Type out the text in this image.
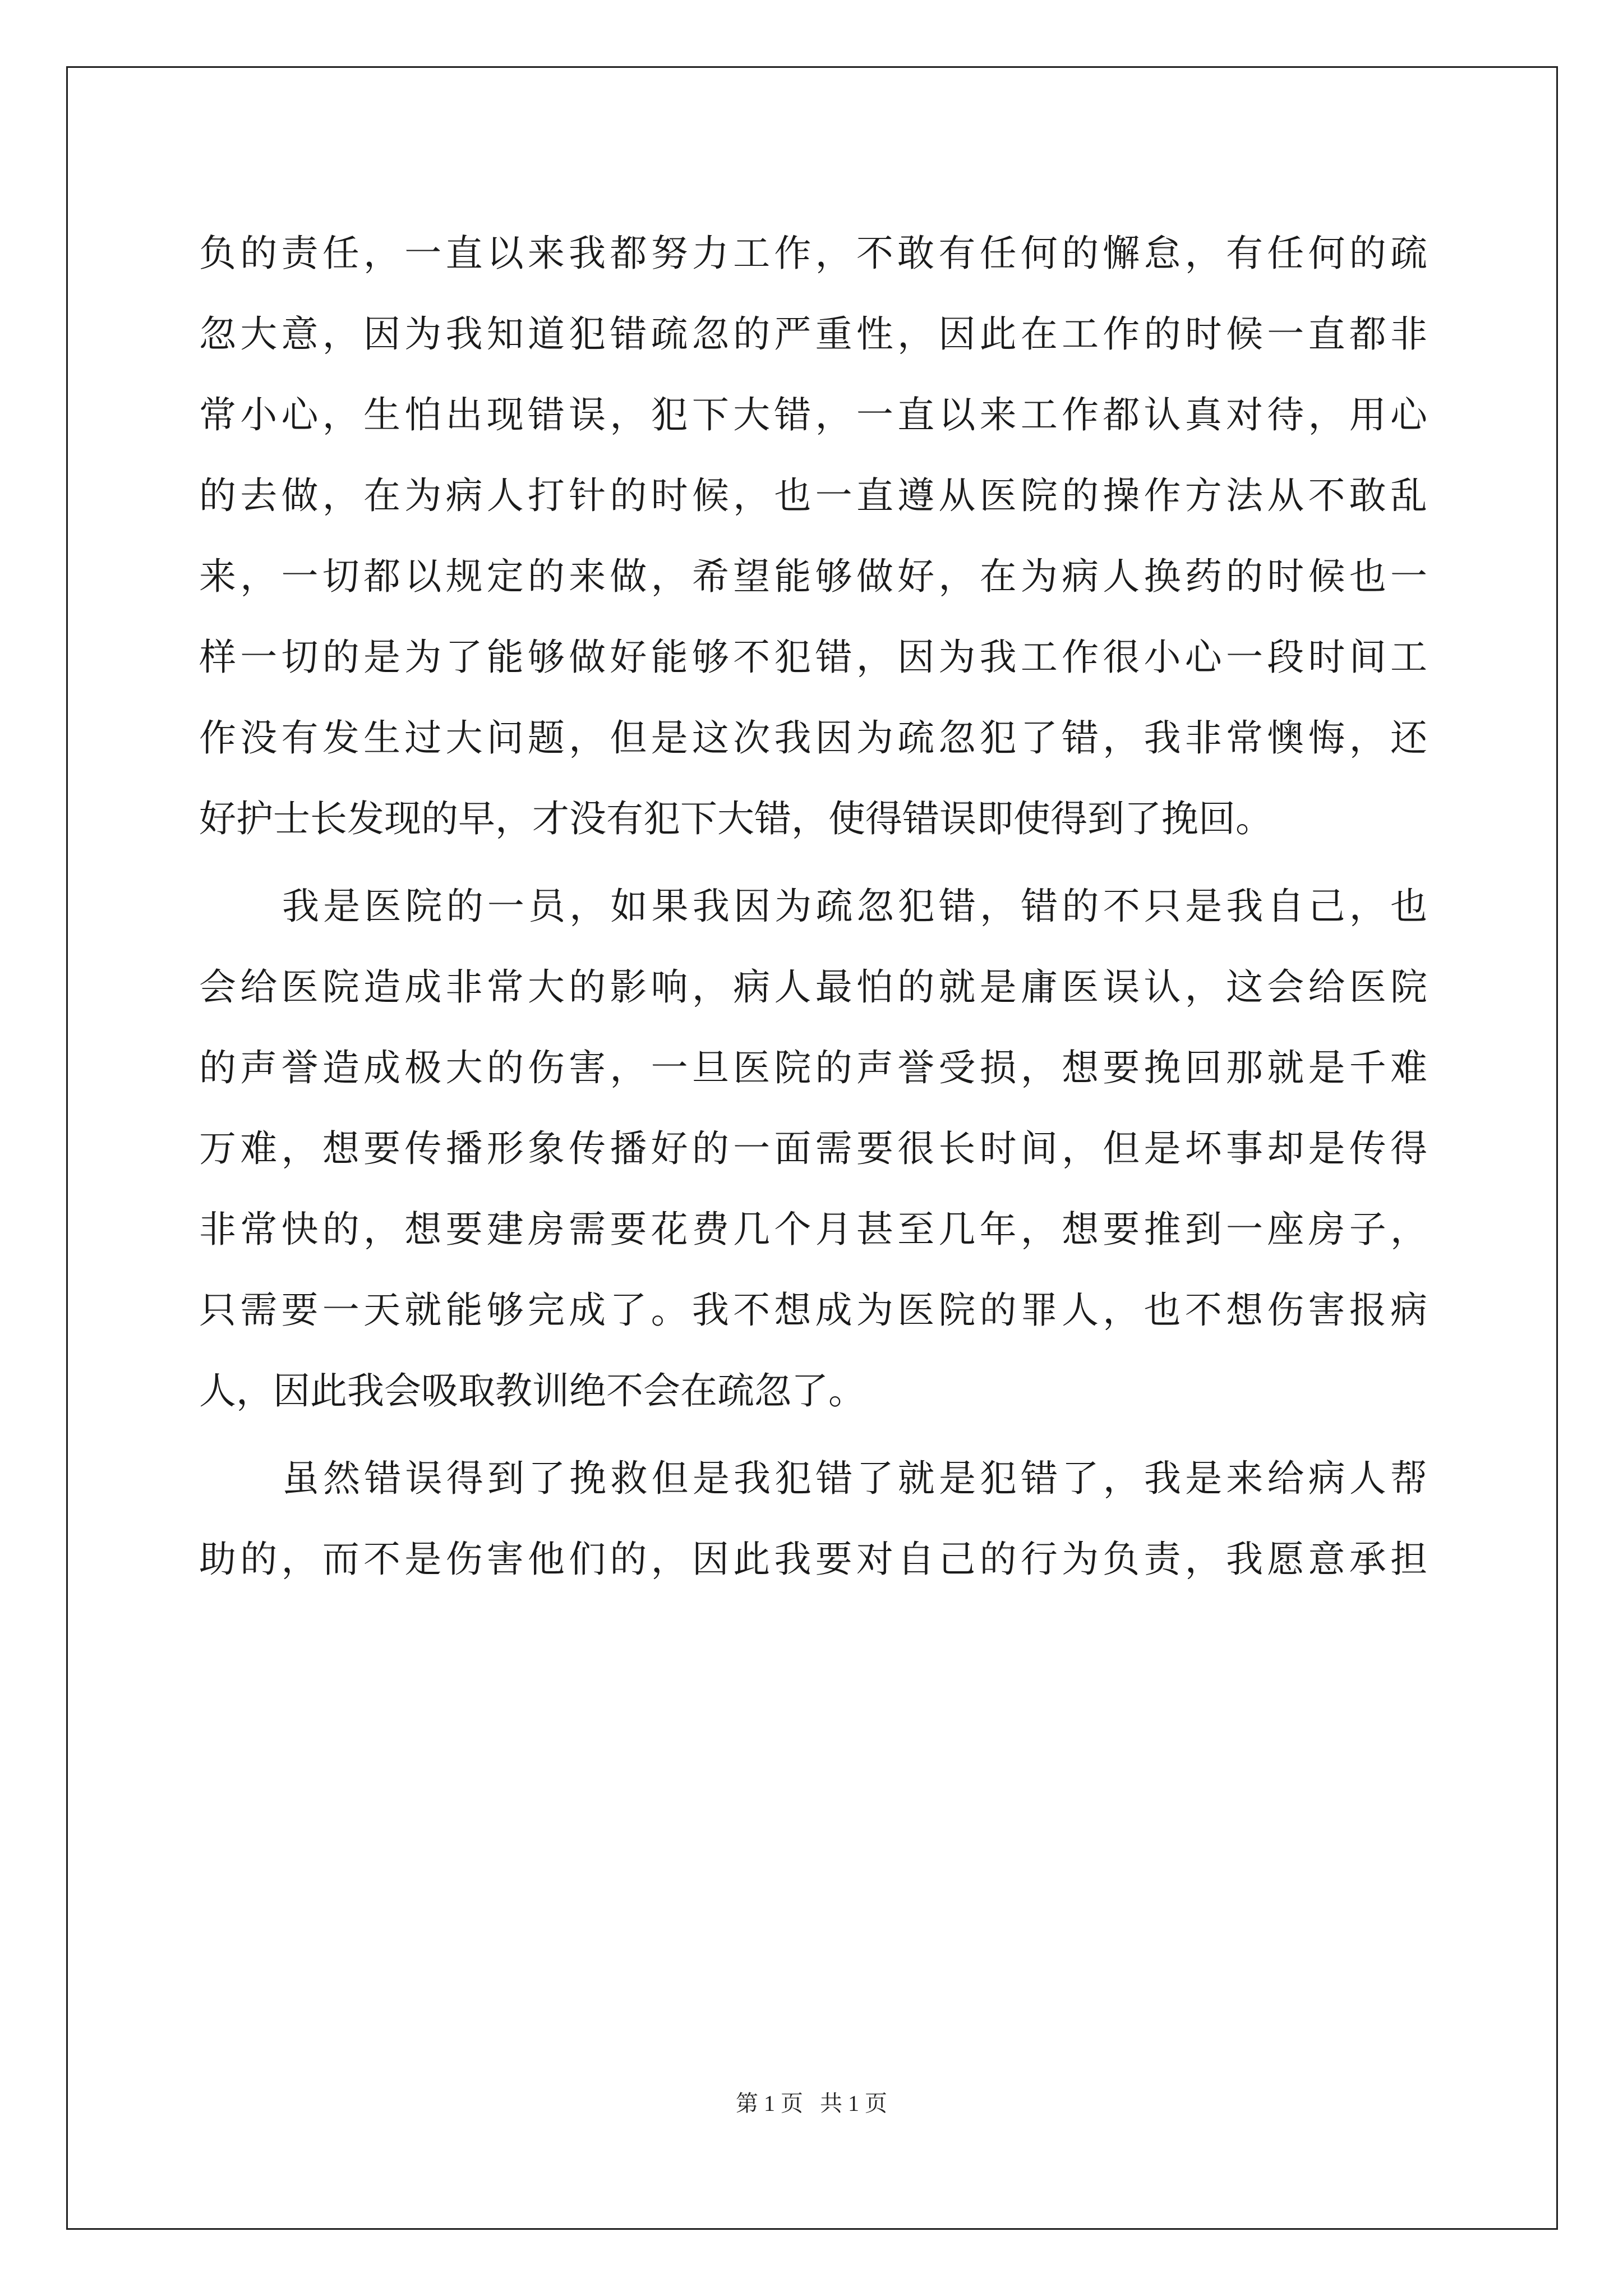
负的责任，一直以来我都努力工作，不敢有任何的懈怠，有任何的疏
忽大意，因为我知道犯错疏忽的严重性，因此在工作的时候一直都非
常小心，生怕出现错误，犯下大错，一直以来工作都认真对待，用心
的去做，在为病人打针的时候，也一直遵从医院的操作方法从不敢乱
来，一切都以规定的来做，希望能够做好，在为病人换药的时候也一
样一切的是为了能够做好能够不犯错，因为我工作很小心一段时间工
作没有发生过大问题，但是这次我因为疏忽犯了错，我非常懊悔，还
好护士长发现的早，才没有犯下大错，使得错误即使得到了挽回。
我是医院的一员，如果我因为疏忽犯错，错的不只是我自己，也
会给医院造成非常大的影响，病人最怕的就是庸医误认，这会给医院
的声誉造成极大的伤害，一旦医院的声誉受损，想要挽回那就是千难
万难，想要传播形象传播好的一面需要很长时间，但是坏事却是传得
非常快的，想要建房需要花费几个月甚至几年，想要推到一座房子，
只需要一天就能够完成了。我不想成为医院的罪人，也不想伤害报病
人，因此我会吸取教训绝不会在疏忽了。
虽然错误得到了挽救但是我犯错了就是犯错了，我是来给病人帮
助的，而不是伤害他们的，因此我要对自己的行为负责，我愿意承担
第 1 页   共 1 页
